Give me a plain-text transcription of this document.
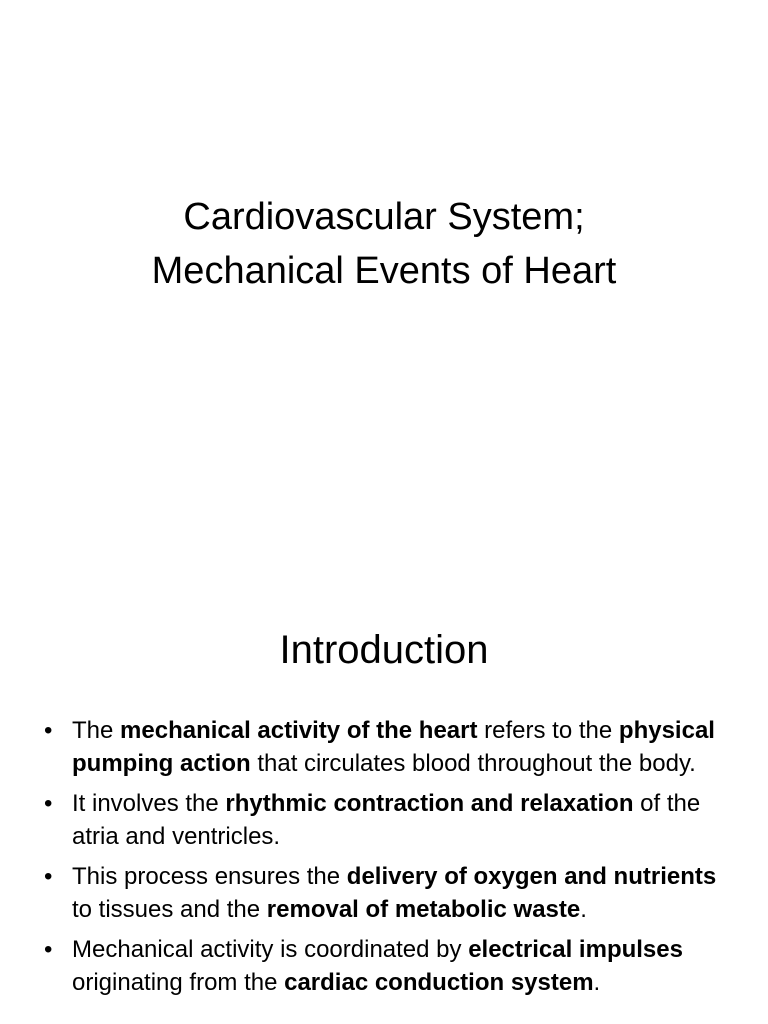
Cardiovascular System;
Mechanical Events of Heart
Introduction
• The mechanical activity of the heart refers to the physical pumping action that circulates blood throughout the body.
• It involves the rhythmic contraction and relaxation of the atria and ventricles.
• This process ensures the delivery of oxygen and nutrients to tissues and the removal of metabolic waste.
• Mechanical activity is coordinated by electrical impulses originating from the cardiac conduction system.
